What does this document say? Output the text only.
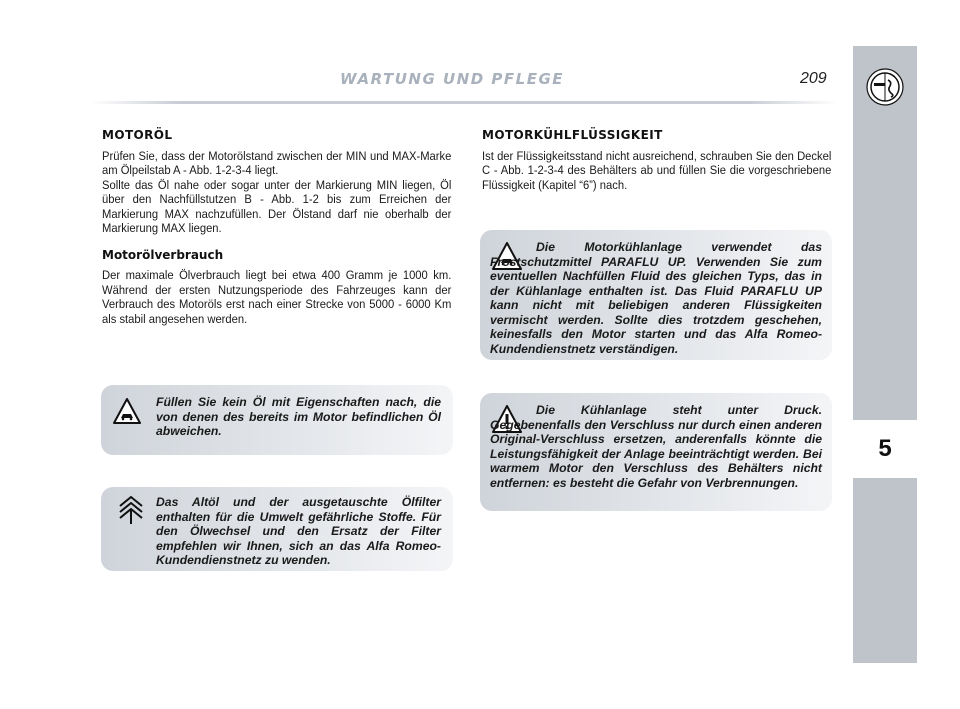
WARTUNG UND PFLEGE	209
5
MOTORÖL

Prüfen Sie, dass der Motorölstand zwischen der MIN und MAX-Marke am Ölpeilstab A - Abb. 1-2-3-4 liegt.

Sollte das Öl nahe oder sogar unter der Markierung MIN liegen, Öl über den Nachfüllstutzen B - Abb. 1-2 bis zum Erreichen der Markierung MAX nachzufüllen. Der Ölstand darf nie oberhalb der Markierung MAX liegen.

Motorölverbrauch

Der maximale Ölverbrauch liegt bei etwa 400 Gramm je 1000 km. Während der ersten Nutzungsperiode des Fahrzeuges kann der Verbrauch des Motoröls erst nach einer Strecke von 5000 - 6000 Km als stabil angesehen werden.

Füllen Sie kein Öl mit Eigenschaften nach, die von denen des bereits im Motor befindlichen Öl abweichen.
Das Altöl und der ausgetauschte Ölfilter enthalten für die Umwelt gefährliche Stoffe. Für den Ölwechsel und den Ersatz der Filter empfehlen wir Ihnen, sich an das Alfa Romeo-Kundendienstnetz zu wenden.
MOTORKÜHLFLÜSSIGKEIT

Ist der Flüssigkeitsstand nicht ausreichend, schrauben Sie den Deckel C - Abb. 1-2-3-4 des Behälters ab und füllen Sie die vorgeschriebene Flüssigkeit (Kapitel “6”) nach.

Die Motorkühlanlage verwendet das Frostschutzmittel PARAFLU UP. Verwenden Sie zum eventuellen Nachfüllen Fluid des gleichen Typs, das in der Kühlanlage enthalten ist. Das Fluid PARAFLU UP kann nicht mit beliebigen anderen Flüssigkeiten vermischt werden. Sollte dies trotzdem geschehen, keinesfalls den Motor starten und das Alfa Romeo-Kundendienstnetz verständigen.
Die Kühlanlage steht unter Druck. Gegebenenfalls den Verschluss nur durch einen anderen Original-Verschluss ersetzen, anderenfalls könnte die Leistungsfähigkeit der Anlage beeinträchtigt werden. Bei warmem Motor den Verschluss des Behälters nicht entfernen: es besteht die Gefahr von Verbrennungen.
